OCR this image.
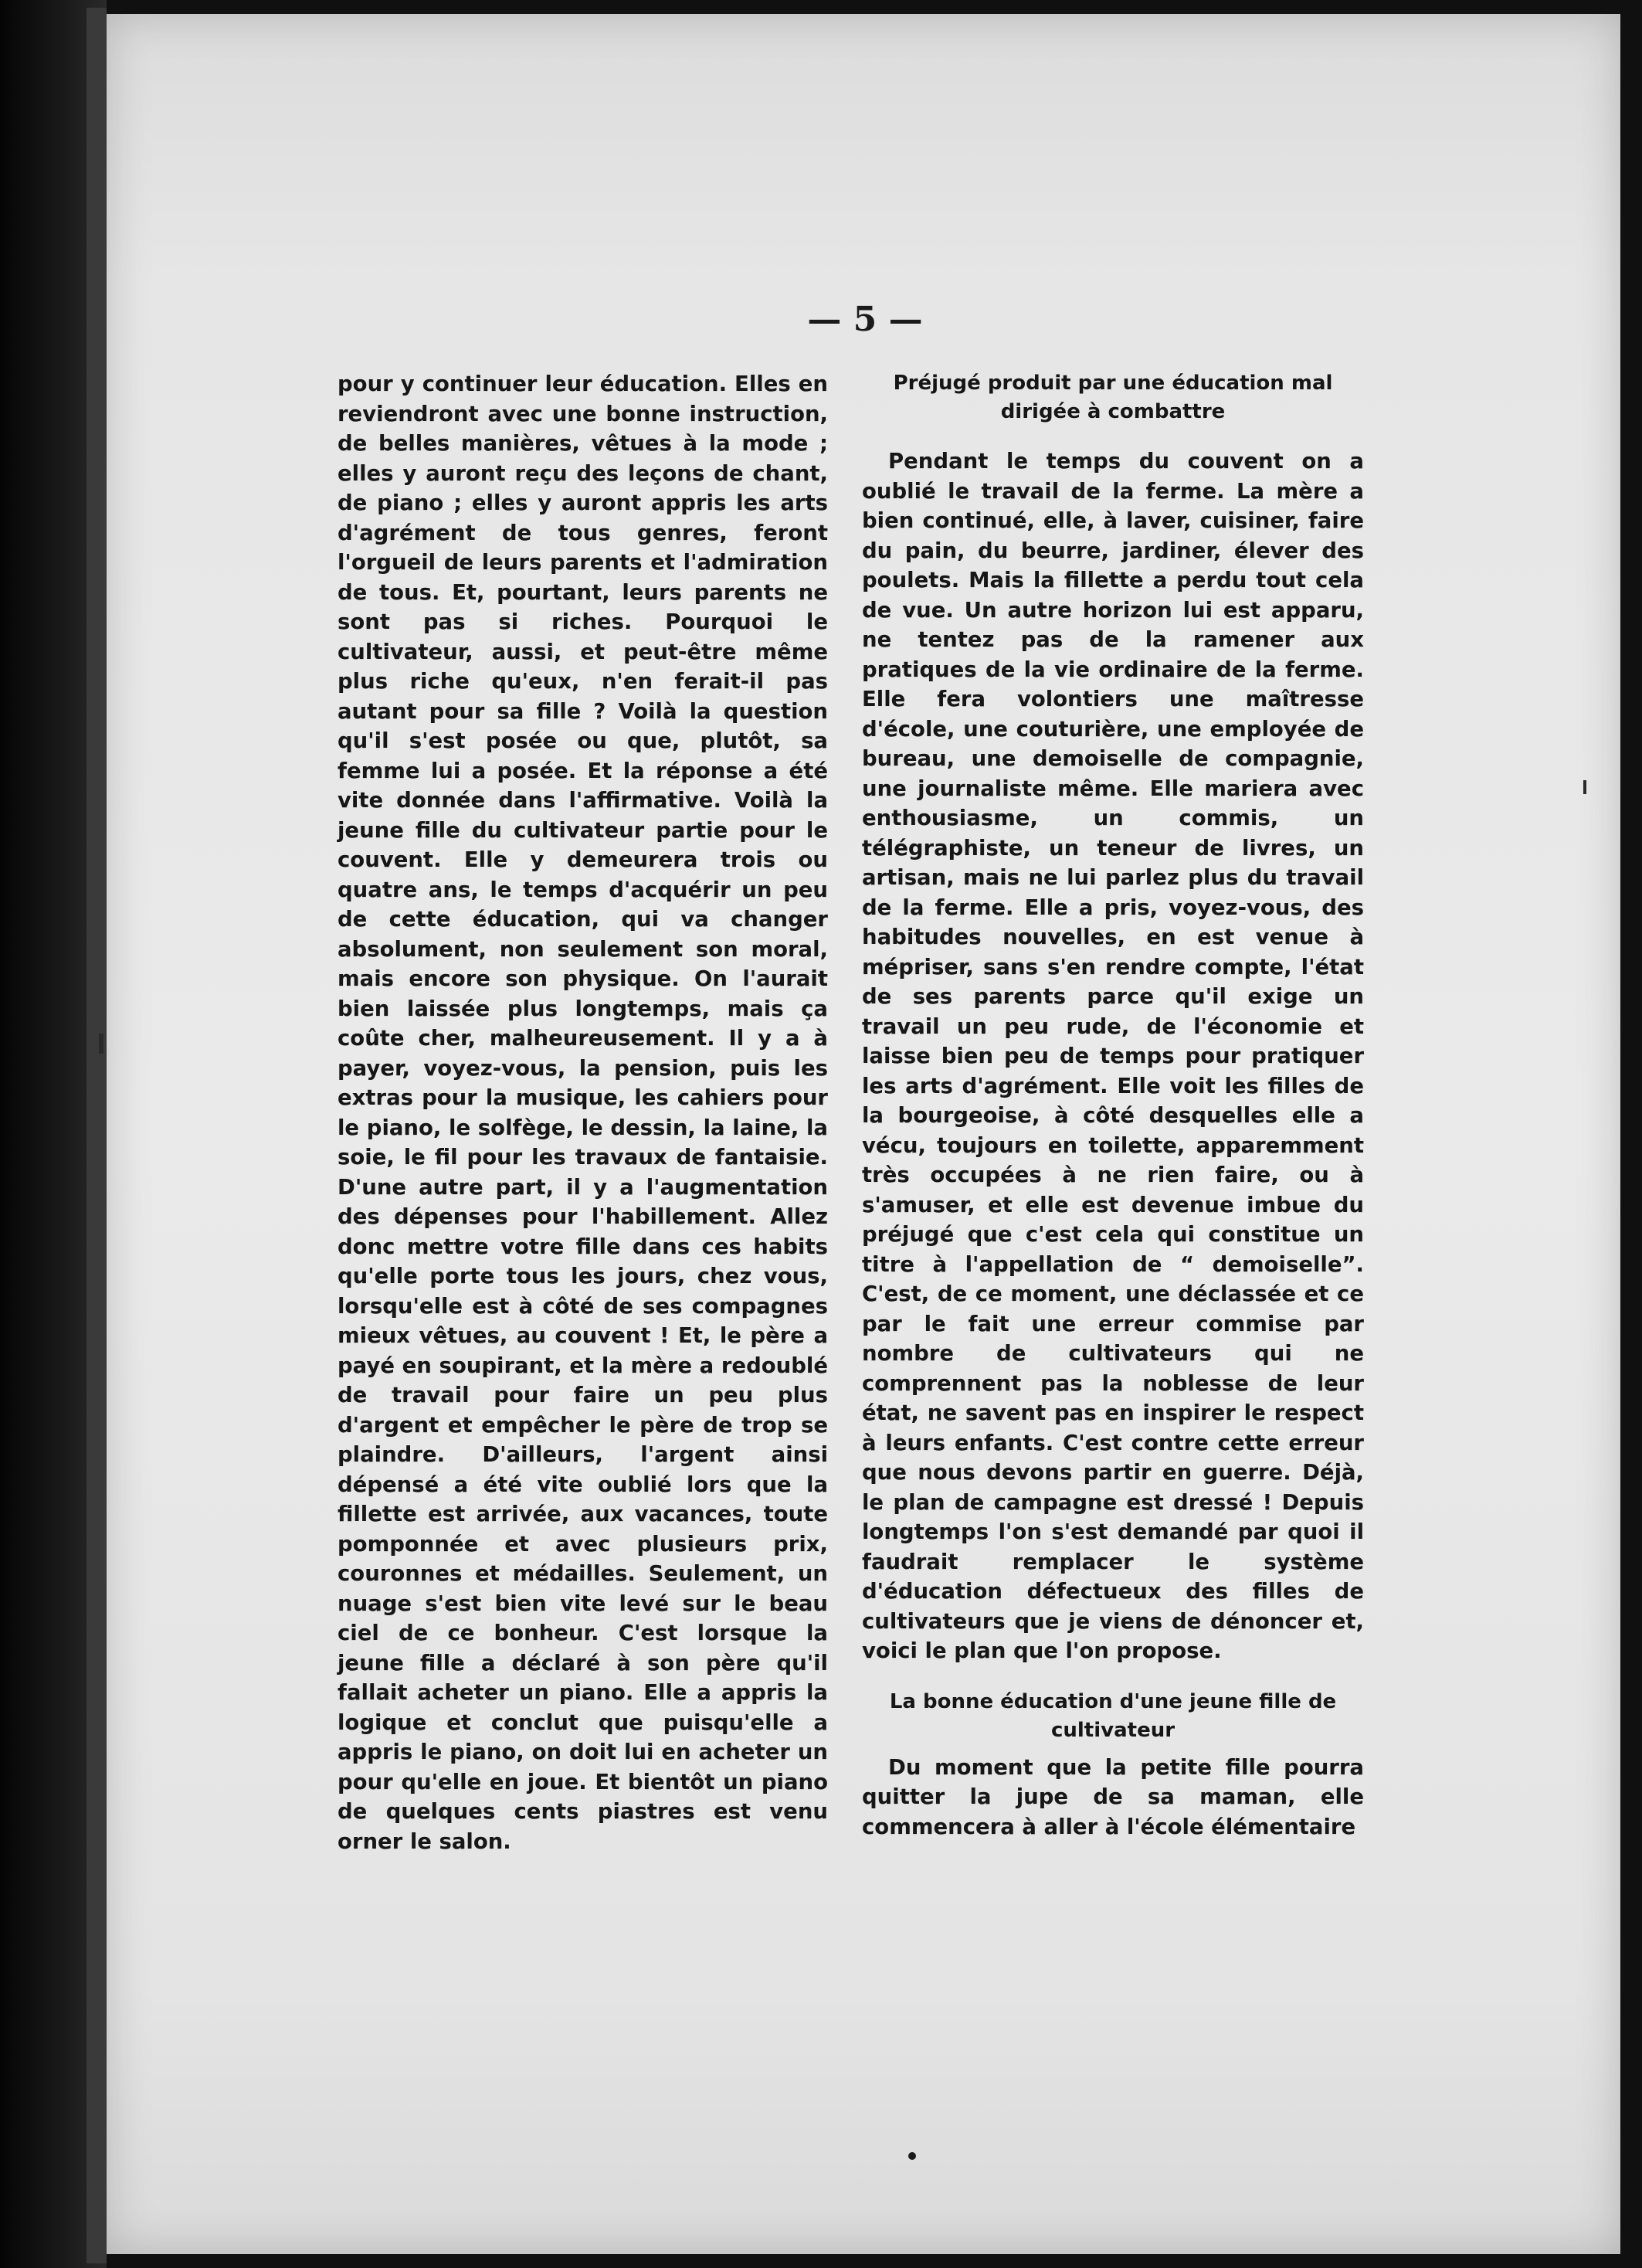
— 5 —

pour y continuer leur éducation. Elles en reviendront avec une bonne instruction, de belles manières, vêtues à la mode ; elles y auront reçu des leçons de chant, de piano ; elles y auront appris les arts d'agrément de tous genres, feront l'orgueil de leurs parents et l'admiration de tous. Et, pourtant, leurs parents ne sont pas si riches. Pourquoi le cultivateur, aussi, et peut-être même plus riche qu'eux, n'en ferait-il pas autant pour sa fille ? Voilà la question qu'il s'est posée ou que, plutôt, sa femme lui a posée. Et la réponse a été vite donnée dans l'affirmative. Voilà la jeune fille du cultivateur partie pour le couvent. Elle y demeurera trois ou quatre ans, le temps d'acquérir un peu de cette éducation, qui va changer absolument, non seulement son moral, mais encore son physique. On l'aurait bien laissée plus longtemps, mais ça coûte cher, malheureusement. Il y a à payer, voyez-vous, la pension, puis les extras pour la musique, les cahiers pour le piano, le solfège, le dessin, la laine, la soie, le fil pour les travaux de fantaisie. D'une autre part, il y a l'augmentation des dépenses pour l'habillement. Allez donc mettre votre fille dans ces habits qu'elle porte tous les jours, chez vous, lorsqu'elle est à côté de ses compagnes mieux vêtues, au couvent ! Et, le père a payé en soupirant, et la mère a redoublé de travail pour faire un peu plus d'argent et empêcher le père de trop se plaindre. D'ailleurs, l'argent ainsi dépensé a été vite oublié lors que la fillette est arrivée, aux vacances, toute pomponnée et avec plusieurs prix, couronnes et médailles. Seulement, un nuage s'est bien vite levé sur le beau ciel de ce bonheur. C'est lorsque la jeune fille a déclaré à son père qu'il fallait acheter un piano. Elle a appris la logique et conclut que puisqu'elle a appris le piano, on doit lui en acheter un pour qu'elle en joue. Et bientôt un piano de quelques cents piastres est venu orner le salon.

Préjugé produit par une éducation mal dirigée à combattre

Pendant le temps du couvent on a oublié le travail de la ferme. La mère a bien continué, elle, à laver, cuisiner, faire du pain, du beurre, jardiner, élever des poulets. Mais la fillette a perdu tout cela de vue. Un autre horizon lui est apparu, ne tentez pas de la ramener aux pratiques de la vie ordinaire de la ferme. Elle fera volontiers une maîtresse d'école, une couturière, une employée de bureau, une demoiselle de compagnie, une journaliste même. Elle mariera avec enthousiasme, un commis, un télégraphiste, un teneur de livres, un artisan, mais ne lui parlez plus du travail de la ferme. Elle a pris, voyez-vous, des habitudes nouvelles, en est venue à mépriser, sans s'en rendre compte, l'état de ses parents parce qu'il exige un travail un peu rude, de l'économie et laisse bien peu de temps pour pratiquer les arts d'agrément. Elle voit les filles de la bourgeoise, à côté desquelles elle a vécu, toujours en toilette, apparemment très occupées à ne rien faire, ou à s'amuser, et elle est devenue imbue du préjugé que c'est cela qui constitue un titre à l'appellation de “ demoiselle”. C'est, de ce moment, une déclassée et ce par le fait une erreur commise par nombre de cultivateurs qui ne comprennent pas la noblesse de leur état, ne savent pas en inspirer le respect à leurs enfants. C'est contre cette erreur que nous devons partir en guerre. Déjà, le plan de campagne est dressé ! Depuis longtemps l'on s'est demandé par quoi il faudrait remplacer le système d'éducation défectueux des filles de cultivateurs que je viens de dénoncer et, voici le plan que l'on propose.

La bonne éducation d'une jeune fille de cultivateur

Du moment que la petite fille pourra quitter la jupe de sa maman, elle commencera à aller à l'école élémentaire
